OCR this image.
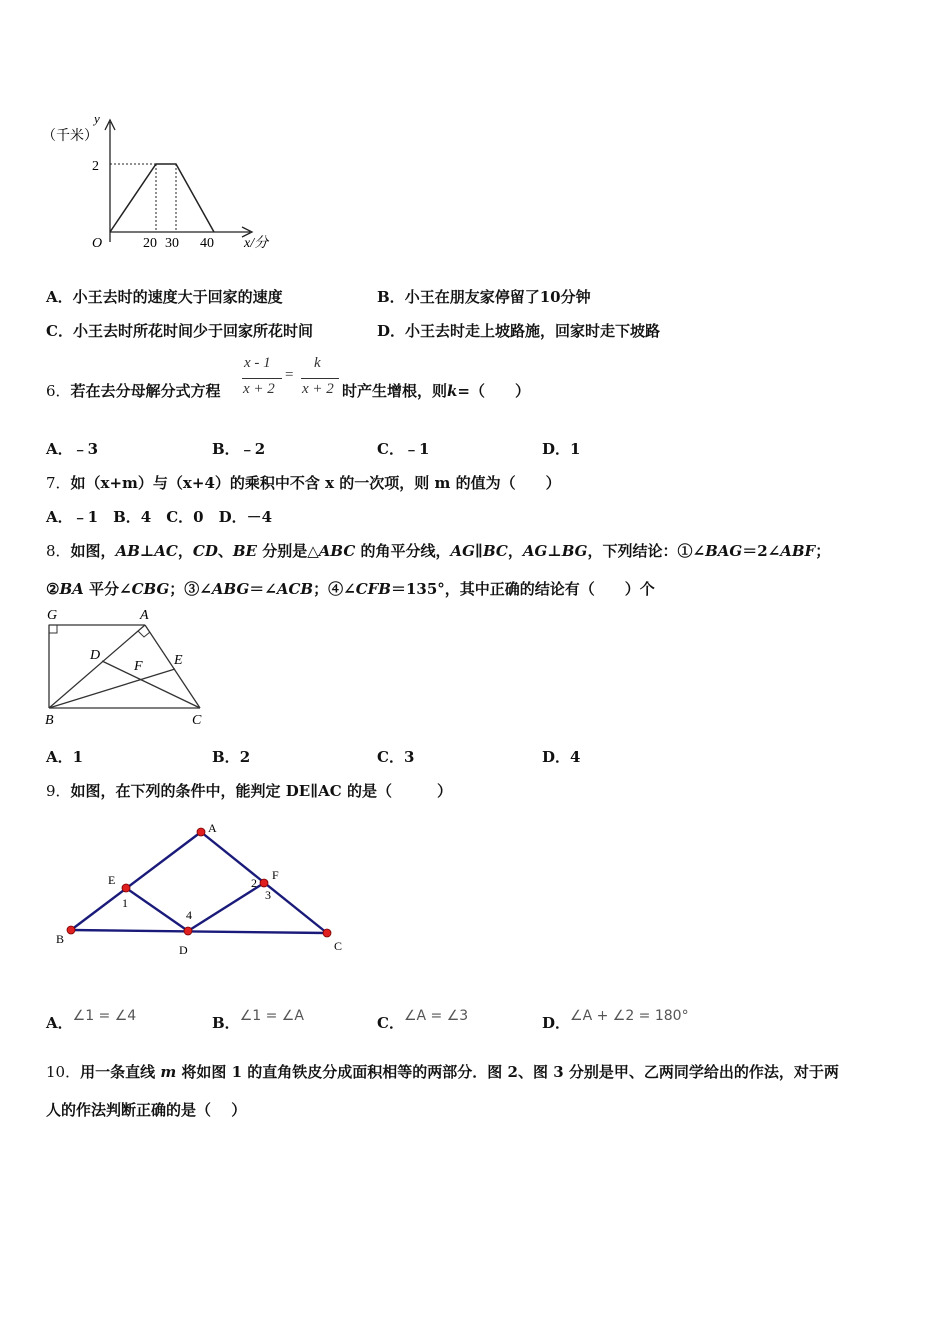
y
（千米）
2
O	20 30 40 x/分
A．小王去时的速度大于回家的速度	B．小王在朋友家停留了10分钟
C．小王去时所花时间少于回家所花时间	D．小王去时走上坡路施，回家时走下坡路
6．若在去分母解分式方程
x - 1
x + 2
=
k
x + 2 时产生增根，则k=（　　）
A．﹣3	B．﹣2	C．﹣1	D．1
7．如（x+m）与（x+4）的乘积中不含 x 的一次项，则 m 的值为（　　）
A．﹣1　B．4　C．0　D．－4
8．如图，AB⊥AC，CD、BE 分别是△ABC 的角平分线，AG∥BC，AG⊥BG，下列结论：①∠BAG＝2∠ABF；
②BA 平分∠CBG；③∠ABG＝∠ACB；④∠CFB＝135°，其中正确的结论有（　　）个
G	A
D
F E
B	C
A．1	B．2	C．3	D．4
9．如图，在下列的条件中，能判定 DE∥AC 的是（　　　）
A
E	F
B
D	C
1
2
3
4
A．∠1 = ∠4	B．∠1 = ∠A	C．∠A = ∠3	D．∠A + ∠2 = 180°
10．用一条直线 m 将如图 1 的直角铁皮分成面积相等的两部分．图 2、图 3 分别是甲、乙两同学给出的作法，对于两
人的作法判断正确的是（　 ）
